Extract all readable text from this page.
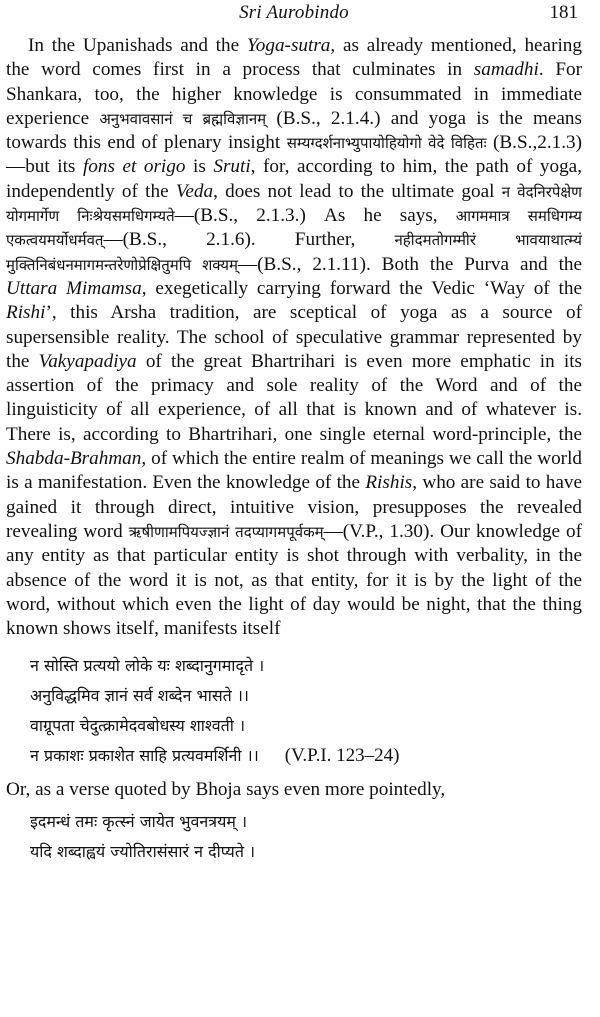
Sri Aurobindo	181

In the Upanishads and the Yoga-sutra, as already mentioned, hearing the word comes first in a process that culminates in samadhi. For Shankara, too, the higher knowledge is consummated in immediate experience अनुभवावसानं च ब्रह्मविज्ञानम् (B.S., 2.1.4.) and yoga is the means towards this end of plenary insight सम्यग्दर्शनाभ्युपायोहियोगो वेदे विहितः (B.S.,2.1.3)—but its fons et origo is Sruti, for, according to him, the path of yoga, independently of the Veda, does not lead to the ultimate goal न वेदनिरपेक्षेण योगमार्गेण निःश्रेयसमधिगम्यते—(B.S., 2.1.3.) As he says, आगममात्र समधिगम्य एकत्वयमर्योधर्मवत्—(B.S., 2.1.6). Further, नहीदमतोगम्मीरं भावयाथात्म्यं मुक्तिनिबंधनमागमन्तरेणोप्रेक्षितुमपि शक्यम्—(B.S., 2.1.11). Both the Purva and the Uttara Mimamsa, exegetically carrying forward the Vedic ‘Way of the Rishi’, this Arsha tradition, are sceptical of yoga as a source of supersensible reality. The school of speculative grammar represented by the Vakyapadiya of the great Bhartrihari is even more emphatic in its assertion of the primacy and sole reality of the Word and of the linguisticity of all experience, of all that is known and of whatever is. There is, according to Bhartrihari, one single eternal word-principle, the Shabda-Brahman, of which the entire realm of meanings we call the world is a manifestation. Even the knowledge of the Rishis, who are said to have gained it through direct, intuitive vision, presupposes the revealed revealing word ऋषीणामपियज्ज्ञानं तदप्यागमपूर्वकम्—(V.P., 1.30). Our knowledge of any entity as that particular entity is shot through with verbality, in the absence of the word it is not, as that entity, for it is by the light of the word, without which even the light of day would be night, that the thing known shows itself, manifests itself

न सोस्ति प्रत्ययो लोके यः शब्दानुगमादृते ।
अनुविद्धमिव ज्ञानं सर्व शब्देन भासते ।।
वाग्रूपता चेदुत्क्रामेदवबोधस्य शाश्वती ।
न प्रकाशः प्रकाशेत साहि प्रत्यवमर्शिनी ।। (V.P.I. 123–24)

Or, as a verse quoted by Bhoja says even more pointedly,

इदमन्धं तमः कृत्स्नं जायेत भुवनत्रयम् ।
यदि शब्दाह्वयं ज्योतिरासंसारं न दीप्यते ।
